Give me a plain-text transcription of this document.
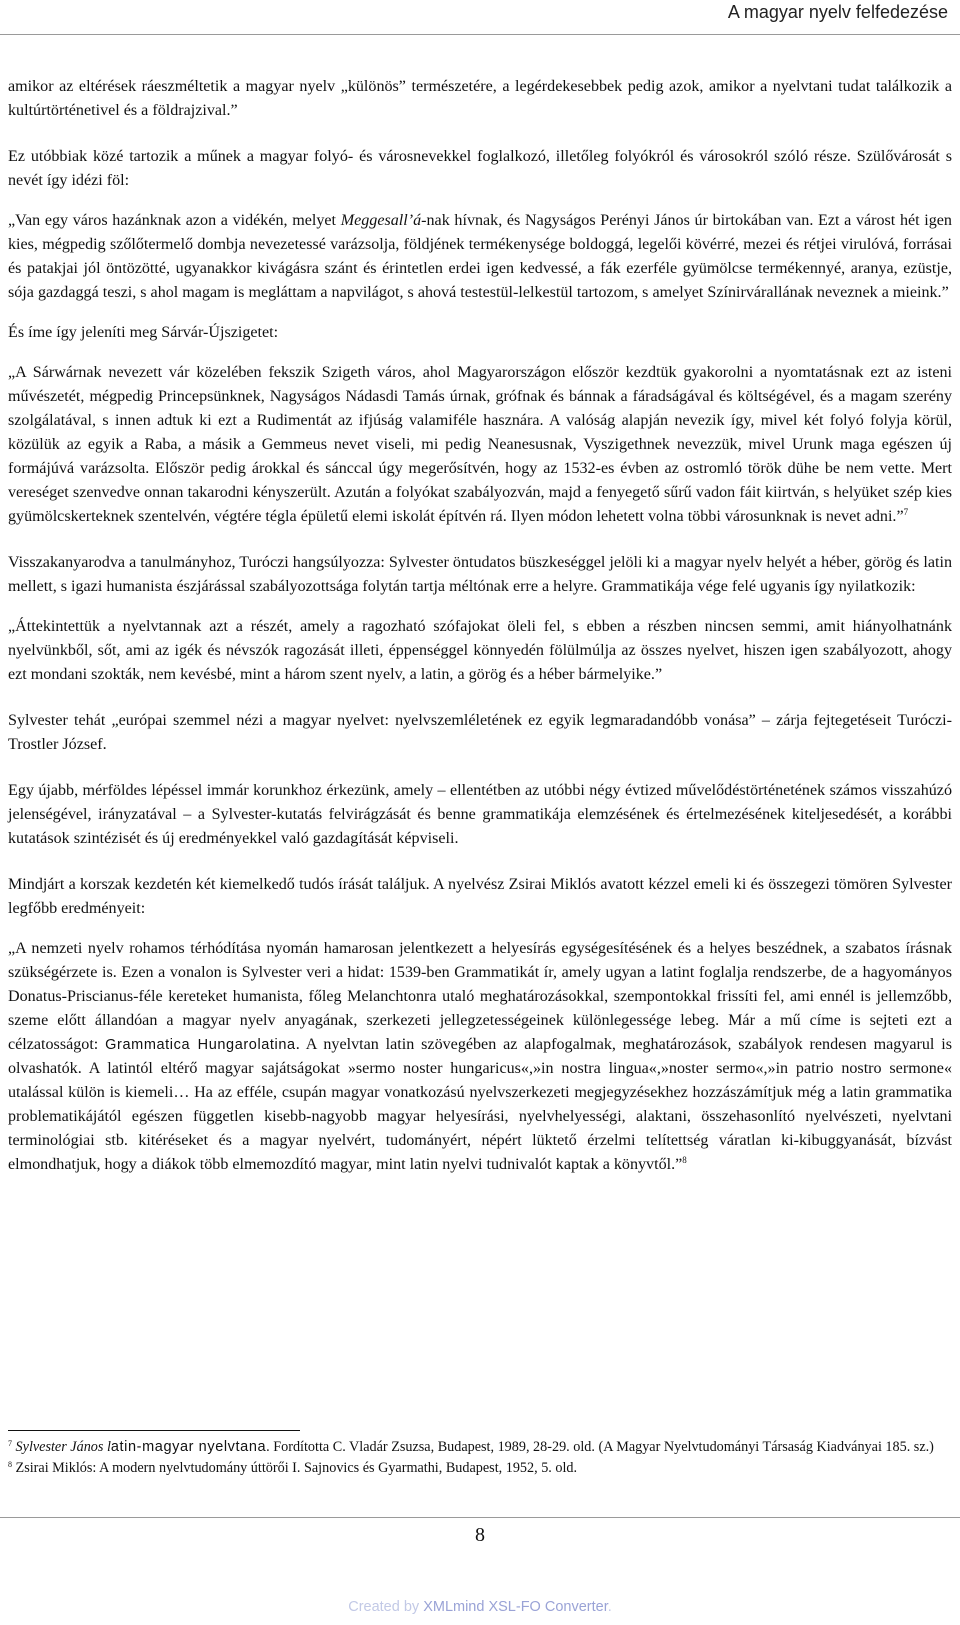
A magyar nyelv felfedezése

amikor az eltérések ráeszméltetik a magyar nyelv „különös” természetére, a legérdekesebbek pedig azok, amikor a nyelvtani tudat találkozik a kultúrtörténetivel és a földrajzival.”

Ez utóbbiak közé tartozik a műnek a magyar folyó- és városnevekkel foglalkozó, illetőleg folyókról és városokról szóló része. Szülővárosát s nevét így idézi föl:

„Van egy város hazánknak azon a vidékén, melyet Meggesall’á-nak hívnak, és Nagyságos Perényi János úr birtokában van. Ezt a várost hét igen kies, mégpedig szőlőtermelő dombja nevezetessé varázsolja, földjének termékenysége boldoggá, legelői kövérré, mezei és rétjei virulóvá, forrásai és patakjai jól öntözötté, ugyanakkor kivágásra szánt és érintetlen erdei igen kedvessé, a fák ezerféle gyümölcse termékennyé, aranya, ezüstje, sója gazdaggá teszi, s ahol magam is megláttam a napvilágot, s ahová testestül-lelkestül tartozom, s amelyet Színirvárallának neveznek a mieink.”

És íme így jeleníti meg Sárvár-Újszigetet:

„A Sárwárnak nevezett vár közelében fekszik Szigeth város, ahol Magyarországon először kezdtük gyakorolni a nyomtatásnak ezt az isteni művészetét, mégpedig Princepsünknek, Nagyságos Nádasdi Tamás úrnak, grófnak és bánnak a fáradságával és költségével, és a magam szerény szolgálatával, s innen adtuk ki ezt a Rudimentát az ifjúság valamiféle hasznára. A valóság alapján nevezik így, mivel két folyó folyja körül, közülük az egyik a Raba, a másik a Gemmeus nevet viseli, mi pedig Neanesusnak, Vyszigethnek nevezzük, mivel Urunk maga egészen új formájúvá varázsolta. Először pedig árokkal és sánccal úgy megerősítvén, hogy az 1532-es évben az ostromló török dühe be nem vette. Mert vereséget szenvedve onnan takarodni kényszerült. Azután a folyókat szabályozván, majd a fenyegető sűrű vadon fáit kiirtván, s helyüket szép kies gyümölcskerteknek szentelvén, végtére tégla épületű elemi iskolát építvén rá. Ilyen módon lehetett volna többi városunknak is nevet adni.”$^7$

Visszakanyarodva a tanulmányhoz, Turóczi hangsúlyozza: Sylvester öntudatos büszkeséggel jelöli ki a magyar nyelv helyét a héber, görög és latin mellett, s igazi humanista észjárással szabályozottsága folytán tartja méltónak erre a helyre. Grammatikája vége felé ugyanis így nyilatkozik:

„Áttekintettük a nyelvtannak azt a részét, amely a ragozható szófajokat öleli fel, s ebben a részben nincsen semmi, amit hiányolhatnánk nyelvünkből, sőt, ami az igék és névszók ragozását illeti, éppenséggel könnyedén fölülmúlja az összes nyelvet, hiszen igen szabályozott, ahogy ezt mondani szokták, nem kevésbé, mint a három szent nyelv, a latin, a görög és a héber bármelyike.”

Sylvester tehát „európai szemmel nézi a magyar nyelvet: nyelvszemléletének ez egyik legmaradandóbb vonása” – zárja fejtegetéseit Turóczi-Trostler József.

Egy újabb, mérföldes lépéssel immár korunkhoz érkezünk, amely – ellentétben az utóbbi négy évtized művelődéstörténetének számos visszahúzó jelenségével, irányzatával – a Sylvester-kutatás felvirágzását és benne grammatikája elemzésének és értelmezésének kiteljesedését, a korábbi kutatások szintézisét és új eredményekkel való gazdagítását képviseli.

Mindjárt a korszak kezdetén két kiemelkedő tudós írását találjuk. A nyelvész Zsirai Miklós avatott kézzel emeli ki és összegezi tömören Sylvester legfőbb eredményeit:

„A nemzeti nyelv rohamos térhódítása nyomán hamarosan jelentkezett a helyesírás egységesítésének és a helyes beszédnek, a szabatos írásnak szükségérzete is. Ezen a vonalon is Sylvester veri a hidat: 1539-ben Grammatikát ír, amely ugyan a latint foglalja rendszerbe, de a hagyományos Donatus-Priscianus-féle kereteket humanista, főleg Melanchtonra utaló meghatározásokkal, szempontokkal frissíti fel, ami ennél is jellemzőbb, szeme előtt állandóan a magyar nyelv anyagának, szerkezeti jellegzetességeinek különlegessége lebeg. Már a mű címe is sejteti ezt a célzatosságot: Grammatica Hungarolatina. A nyelvtan latin szövegében az alapfogalmak, meghatározások, szabályok rendesen magyarul is olvashatók. A latintól eltérő magyar sajátságokat »sermo noster hungaricus«,»in nostra lingua«,»noster sermo«,»in patrio nostro sermone« utalással külön is kiemeli… Ha az efféle, csupán magyar vonatkozású nyelvszerkezeti megjegyzésekhez hozzászámítjuk még a latin grammatika problematikájától egészen független kisebb-nagyobb magyar helyesírási, nyelvhelyességi, alaktani, összehasonlító nyelvészeti, nyelvtani terminológiai stb. kitéréseket és a magyar nyelvért, tudományért, népért lüktető érzelmi telítettség váratlan ki-kibuggyanását, bízvást elmondhatjuk, hogy a diákok több elmemozdító magyar, mint latin nyelvi tudnivalót kaptak a könyvtől.”$^8$

$^7$ Sylvester János latin-magyar nyelvtana. Fordította C. Vladár Zsuzsa, Budapest, 1989, 28-29. old. (A Magyar Nyelvtudományi Társaság Kiadványai 185. sz.)

$^8$ Zsirai Miklós: A modern nyelvtudomány úttörői I. Sajnovics és Gyarmathi, Budapest, 1952, 5. old.

8
Created by XMLmind XSL-FO Converter.
